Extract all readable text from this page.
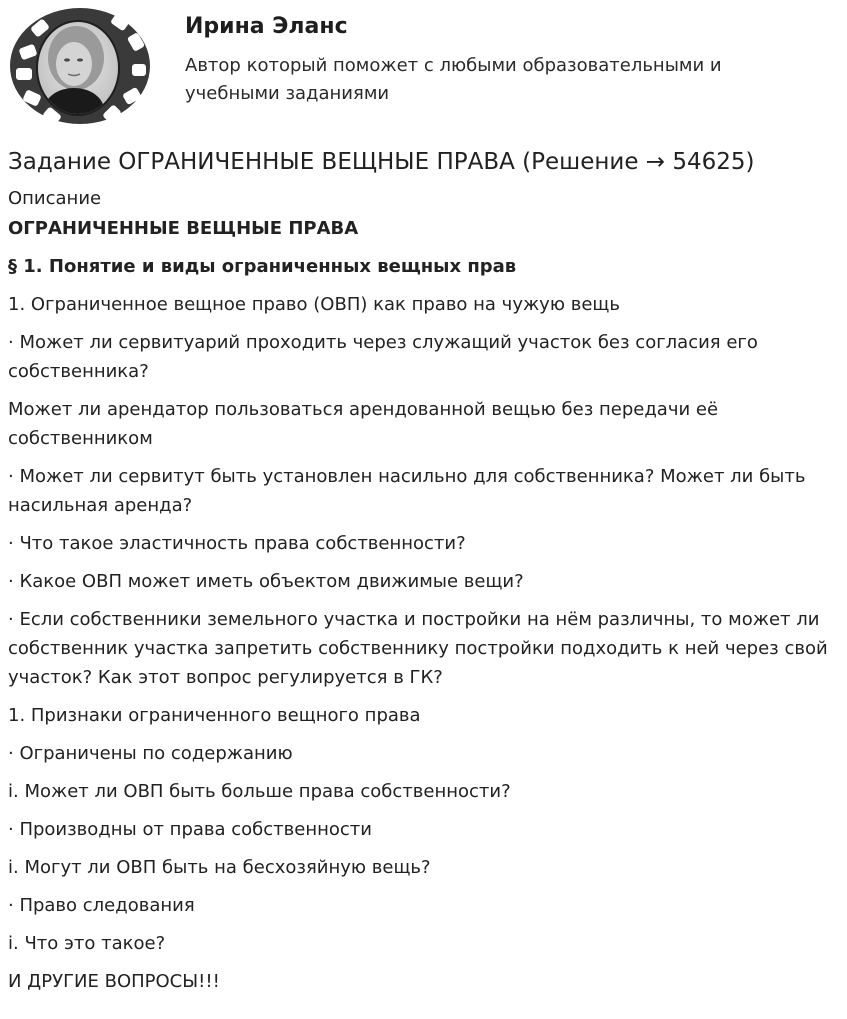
Ирина Эланс
Автор который поможет с любыми образовательными и учебными заданиями
Задание ОГРАНИЧЕННЫЕ ВЕЩНЫЕ ПРАВА (Решение → 54625)
Описание
ОГРАНИЧЕННЫЕ ВЕЩНЫЕ ПРАВА
§ 1. Понятие и виды ограниченных вещных прав

1. Ограниченное вещное право (ОВП) как право на чужую вещь

· Может ли сервитуарий проходить через служащий участок без согласия его собственника?

Может ли арендатор пользоваться арендованной вещью без передачи её собственником

· Может ли сервитут быть установлен насильно для собственника? Может ли быть насильная аренда?

· Что такое эластичность права собственности?

· Какое ОВП может иметь объектом движимые вещи?

· Если собственники земельного участка и постройки на нём различны, то может ли собственник участка запретить собственнику постройки подходить к ней через свой участок? Как этот вопрос регулируется в ГК?

1. Признаки ограниченного вещного права

· Ограничены по содержанию

i. Может ли ОВП быть больше права собственности?

· Производны от права собственности

i. Могут ли ОВП быть на бесхозяйную вещь?

· Право следования

i. Что это такое?

И ДРУГИЕ ВОПРОСЫ!!!
